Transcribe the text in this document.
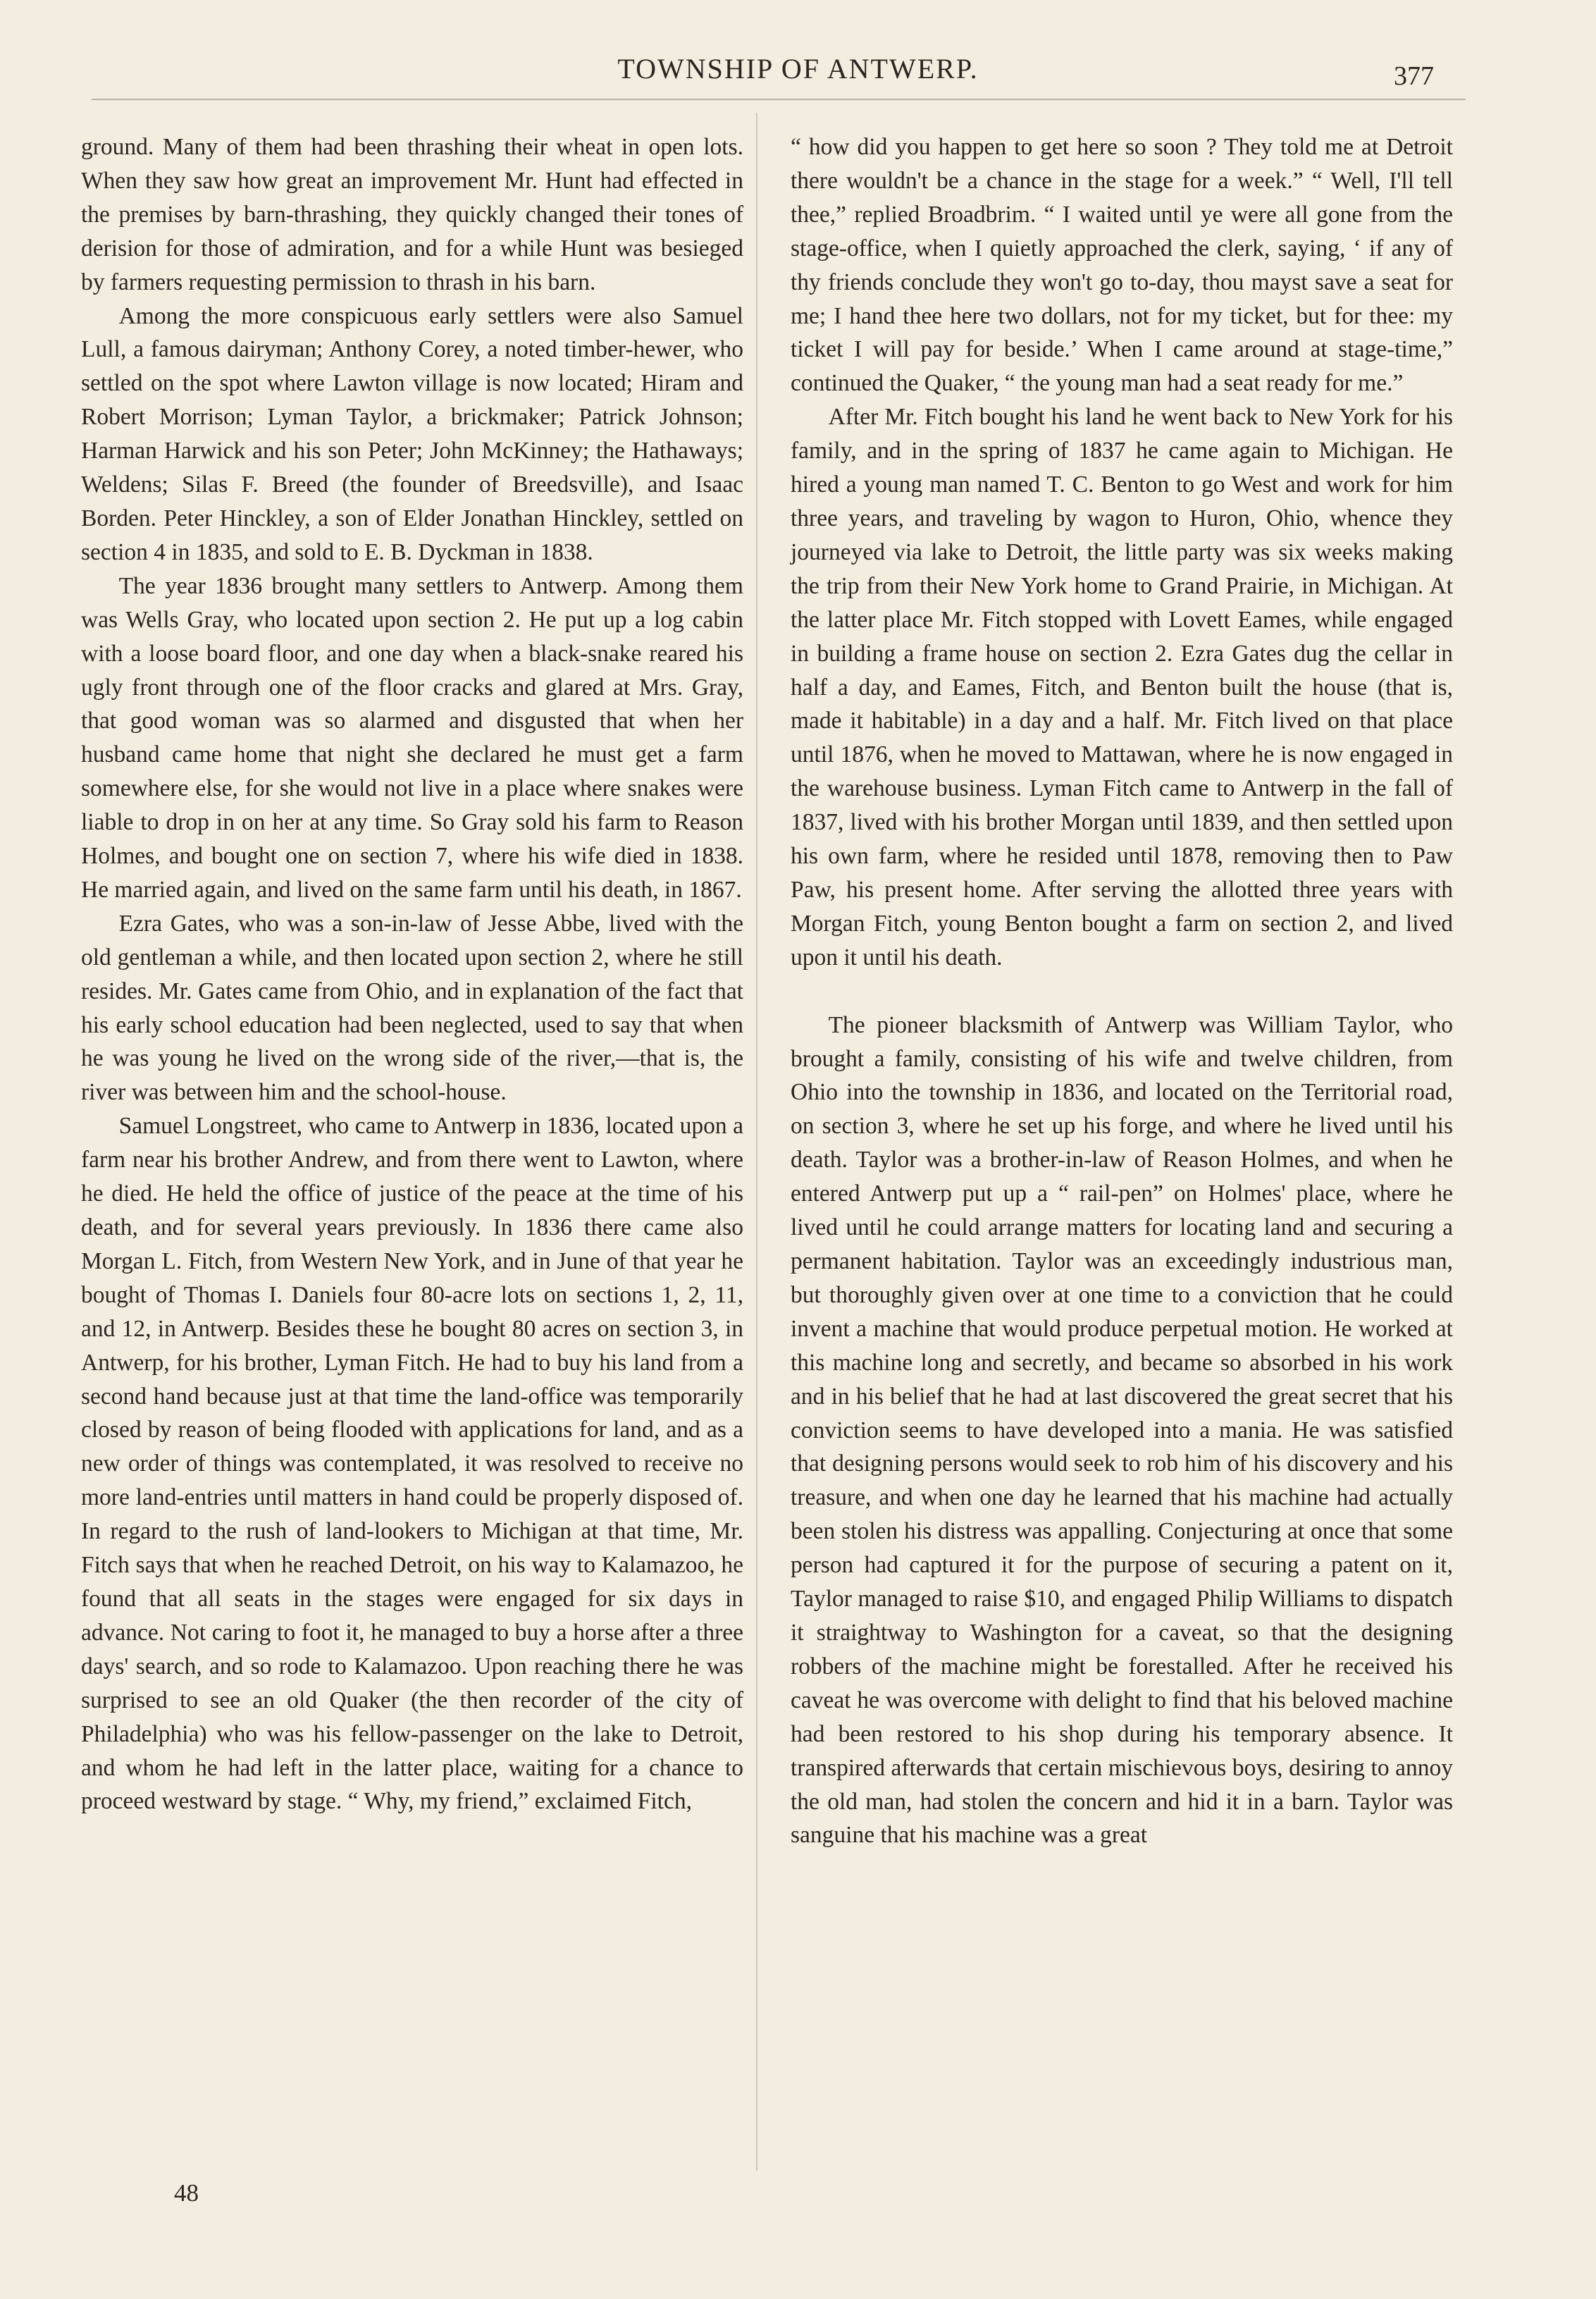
TOWNSHIP OF ANTWERP.	377

ground. Many of them had been thrashing their wheat in open lots. When they saw how great an improvement Mr. Hunt had effected in the premises by barn-thrashing, they quickly changed their tones of derision for those of admiration, and for a while Hunt was besieged by farmers requesting permission to thrash in his barn.

Among the more conspicuous early settlers were also Samuel Lull, a famous dairyman; Anthony Corey, a noted timber-hewer, who settled on the spot where Lawton village is now located; Hiram and Robert Morrison; Lyman Taylor, a brickmaker; Patrick Johnson; Harman Harwick and his son Peter; John McKinney; the Hathaways; Weldens; Silas F. Breed (the founder of Breedsville), and Isaac Borden. Peter Hinckley, a son of Elder Jonathan Hinckley, settled on section 4 in 1835, and sold to E. B. Dyckman in 1838.

The year 1836 brought many settlers to Antwerp. Among them was Wells Gray, who located upon section 2. He put up a log cabin with a loose board floor, and one day when a black-snake reared his ugly front through one of the floor cracks and glared at Mrs. Gray, that good woman was so alarmed and disgusted that when her husband came home that night she declared he must get a farm somewhere else, for she would not live in a place where snakes were liable to drop in on her at any time. So Gray sold his farm to Reason Holmes, and bought one on section 7, where his wife died in 1838. He married again, and lived on the same farm until his death, in 1867.

Ezra Gates, who was a son-in-law of Jesse Abbe, lived with the old gentleman a while, and then located upon section 2, where he still resides. Mr. Gates came from Ohio, and in explanation of the fact that his early school education had been neglected, used to say that when he was young he lived on the wrong side of the river,—that is, the river was between him and the school-house.

Samuel Longstreet, who came to Antwerp in 1836, located upon a farm near his brother Andrew, and from there went to Lawton, where he died. He held the office of justice of the peace at the time of his death, and for several years previously. In 1836 there came also Morgan L. Fitch, from Western New York, and in June of that year he bought of Thomas I. Daniels four 80-acre lots on sections 1, 2, 11, and 12, in Antwerp. Besides these he bought 80 acres on section 3, in Antwerp, for his brother, Lyman Fitch. He had to buy his land from a second hand because just at that time the land-office was temporarily closed by reason of being flooded with applications for land, and as a new order of things was contemplated, it was resolved to receive no more land-entries until matters in hand could be properly disposed of. In regard to the rush of land-lookers to Michigan at that time, Mr. Fitch says that when he reached Detroit, on his way to Kalamazoo, he found that all seats in the stages were engaged for six days in advance. Not caring to foot it, he managed to buy a horse after a three days' search, and so rode to Kalamazoo. Upon reaching there he was surprised to see an old Quaker (the then recorder of the city of Philadelphia) who was his fellow-passenger on the lake to Detroit, and whom he had left in the latter place, waiting for a chance to proceed westward by stage. “ Why, my friend,” exclaimed Fitch,

“ how did you happen to get here so soon ? They told me at Detroit there wouldn't be a chance in the stage for a week.” “ Well, I'll tell thee,” replied Broadbrim. “ I waited until ye were all gone from the stage-office, when I quietly approached the clerk, saying, ‘ if any of thy friends conclude they won't go to-day, thou mayst save a seat for me; I hand thee here two dollars, not for my ticket, but for thee: my ticket I will pay for beside.’ When I came around at stage-time,” continued the Quaker, “ the young man had a seat ready for me.”

After Mr. Fitch bought his land he went back to New York for his family, and in the spring of 1837 he came again to Michigan. He hired a young man named T. C. Benton to go West and work for him three years, and traveling by wagon to Huron, Ohio, whence they journeyed via lake to Detroit, the little party was six weeks making the trip from their New York home to Grand Prairie, in Michigan. At the latter place Mr. Fitch stopped with Lovett Eames, while engaged in building a frame house on section 2. Ezra Gates dug the cellar in half a day, and Eames, Fitch, and Benton built the house (that is, made it habitable) in a day and a half. Mr. Fitch lived on that place until 1876, when he moved to Mattawan, where he is now engaged in the warehouse business. Lyman Fitch came to Antwerp in the fall of 1837, lived with his brother Morgan until 1839, and then settled upon his own farm, where he resided until 1878, removing then to Paw Paw, his present home. After serving the allotted three years with Morgan Fitch, young Benton bought a farm on section 2, and lived upon it until his death.

The pioneer blacksmith of Antwerp was William Taylor, who brought a family, consisting of his wife and twelve children, from Ohio into the township in 1836, and located on the Territorial road, on section 3, where he set up his forge, and where he lived until his death. Taylor was a brother-in-law of Reason Holmes, and when he entered Antwerp put up a “ rail-pen” on Holmes' place, where he lived until he could arrange matters for locating land and securing a permanent habitation. Taylor was an exceedingly industrious man, but thoroughly given over at one time to a conviction that he could invent a machine that would produce perpetual motion. He worked at this machine long and secretly, and became so absorbed in his work and in his belief that he had at last discovered the great secret that his conviction seems to have developed into a mania. He was satisfied that designing persons would seek to rob him of his discovery and his treasure, and when one day he learned that his machine had actually been stolen his distress was appalling. Conjecturing at once that some person had captured it for the purpose of securing a patent on it, Taylor managed to raise $10, and engaged Philip Williams to dispatch it straightway to Washington for a caveat, so that the designing robbers of the machine might be forestalled. After he received his caveat he was overcome with delight to find that his beloved machine had been restored to his shop during his temporary absence. It transpired afterwards that certain mischievous boys, desiring to annoy the old man, had stolen the concern and hid it in a barn. Taylor was sanguine that his machine was a great

48
